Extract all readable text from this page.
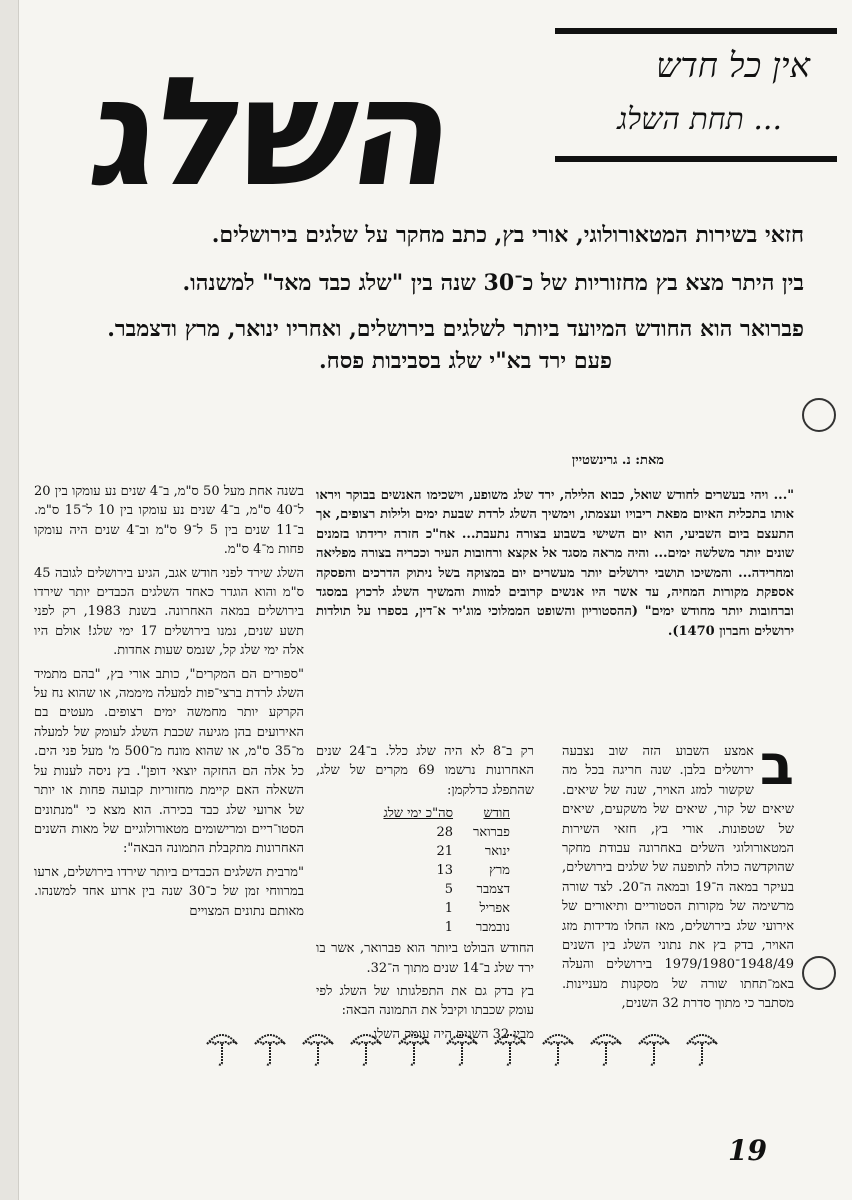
השלג	אין כל חדש
תחת השלג ...
חזאי בשירות המטאורולוגי, אורי בץ, כתב מחקר על שלגים בירושלים.
בין היתר מצא בץ מחזוריות של כ־30 שנה בין "שלג כבד מאד" למשנהו.
פברואר הוא החודש המיועד ביותר לשלגים בירושלים, ואחריו ינואר, מרץ ודצמבר.
פעם ירד בא"י שלג בסביבות פסח.
מאת: נ. גרינשטיין

"... ויהי בעשרים לחודש שואל, כבוא הלילה, ירד שלג משופע, וישכימו האנשים בבוקר ויראו אותו בתכלית האיום מפאת ריבויו ועצמתו, וימשיך השלג לרדת שבעת ימים ולילות רצופים, אך התעצם ביום השביעי, הוא יום השישי בשבוע בצורה נתעבת... אח"כ חזרה ירידתו בזמנים שונים יותר משלשה ימים... והיה מראה מסגד אל אקצא ורחובות העיר וככריה בצורה מפליאה ומחרידה... והמשיכו תושבי ירושלים יותר מעשרים יום במצוקה בשל ניתוק הדרכים והפסקה אספקת מקורות המחיה, עד אשר היו אנשים קרובים למוות והמשיך השלג לרכוץ במסגד וברחובות יותר מחודש ימים" (ההסטוריון והשופט הממלוכי מוג'יר א־דין, בספרו על תולדות ירושלים וחברון 1470).

בשנה אחת מעל 50 ס"מ, ב־4 שנים נע עומקו בין 20 ל־40 ס"מ, ב־4 שנים נע עומקו בין 10 ל־15 ס"מ. ב־11 שנים בין 5 ל־9 ס"מ וב־4 שנים היה עומקו פחות מ־4 ס"מ.

השלג שירד לפני חודש אגב, הגיע בירושלים לגובה 45 ס"מ והוא הוגדר כאחד השלגים הכבדים יותר שירדו בירושלים במאה האחרונה. בשנת 1983, רק לפני תשע שנים, נמנו בירושלים 17 ימי שלג! אולם היו אלה ימי שלג קל, שנמס שעות אחדות.

"ספורים הם המקרים", כותב אורי בץ, "בהם מתמיד השלג לרדת ברצי־פות למעלה מיממה, או שהוא נח על הקרקע יותר מחמשה ימים רצופים. מעטים בם האירועים בהן מגיעה שכבת השלג לעומק של למעלה מ־35 ס"מ, או שהוא מונח מ־500 מ' מעל פני הים. כל אלה הם החזקה יוצאי דופן". בץ ניסה לענות על השאלה האם קיימת מחזוריות קבועה פחות או יותר של ארועי שלג כבד בכירה. הוא מצא כי "מנתונים הסטו־ריים ומרישומים מטאורולוגיים של מאות השנים האחרונות מתקבלת התמונה הבאה":

"מרבית השלגים הכבדים ביותר שירדו בירושלים, ארעו במרווחי זמן של כ־30 שנה בין ארוע אחד למשנהו. מאותם נתונים המצויים

רק ב־8 לא היה שלג כלל. ב־24 שנים האחרונות נרשמו 69 מקרים של שלג, שהתפלג כדלקמן:

חודש	סה"כ ימי שלג
פברואר	28
ינואר	21
מרץ	13
דצמבר	5
אפריל	1
נובמבר	1

החודש הבולט ביותר הוא פברואר, אשר בו ירד שלג ב־14 שנים מתוך ה־32.

בץ בדק גם את התפלגותו של השלג לפי עומק שכבתו וקיבל את התמונה הבאה:

מבין 32 השנים היה עומק השלג

ב

אמצע השבוע הזה שוב נצבעה ירושלים בלבן. שנה חריגה בכל מה שקשור למזג האויר, שנה של שיאים. שיאים של קור, שיאים של משקעים, שיאים של שטפונות. אורי בץ, חזאי השירות המטאורולוגי השלים באחרונה עבודת מחקר שהוקדשה כולה לתופעה של שלגים בירושלים, בעיקר במאה ה־19 ובמאה ה־20. לצד שורה מרשימה של מקורות הסטוריים ותיאורים של אירועי שלג בירושלים, מאז החלו מדידות מזג האויר, בדק בץ את נתוני השלג בין השנים 1948/49־1979/1980 בירושלים והעלה באמ־תחתו שורה של מסקנות מעניינות. מסתבר כי מתוך סדרת 32 השנים,

19
